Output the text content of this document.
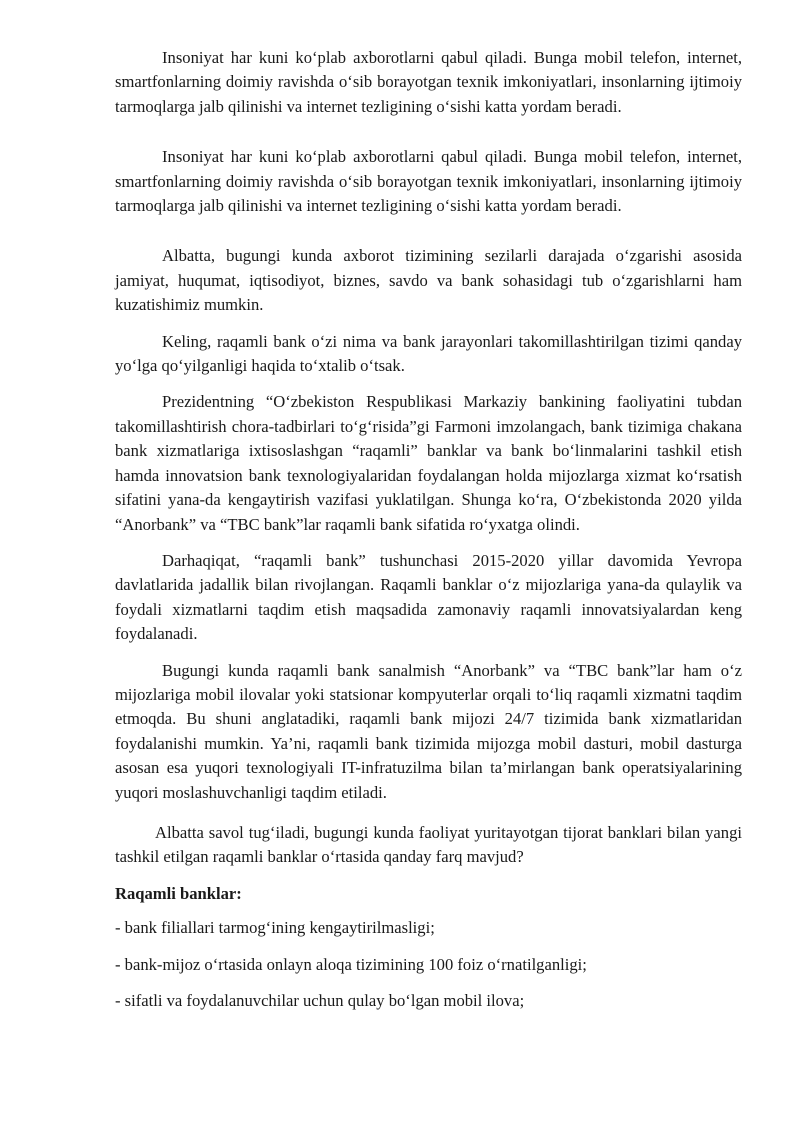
Insoniyat har kuni ko‘plab axborotlarni qabul qiladi. Bunga mobil telefon, internet, smartfonlarning doimiy ravishda o‘sib borayotgan texnik imkoniyatlari, insonlarning ijtimoiy tarmoqlarga jalb qilinishi va internet tezligining o‘sishi katta yordam beradi.

Insoniyat har kuni ko‘plab axborotlarni qabul qiladi. Bunga mobil telefon, internet, smartfonlarning doimiy ravishda o‘sib borayotgan texnik imkoniyatlari, insonlarning ijtimoiy tarmoqlarga jalb qilinishi va internet tezligining o‘sishi katta yordam beradi.

Albatta, bugungi kunda axborot tizimining sezilarli darajada o‘zgarishi asosida jamiyat, huqumat, iqtisodiyot, biznes, savdo va bank sohasidagi tub o‘zgarishlarni ham kuzatishimiz mumkin.

Keling, raqamli bank o‘zi nima va bank jarayonlari takomillashtirilgan tizimi qanday yo‘lga qo‘yilganligi haqida to‘xtalib o‘tsak.

Prezidentning “O‘zbekiston Respublikasi Markaziy bankining faoliyatini tubdan takomillashtirish chora-tadbirlari to‘g‘risida”gi Farmoni imzolangach, bank tizimiga chakana bank xizmatlariga ixtisoslashgan “raqamli” banklar va bank bo‘linmalarini tashkil etish hamda innovatsion bank texnologiyalaridan foydalangan holda mijozlarga xizmat ko‘rsatish sifatini yana-da kengaytirish vazifasi yuklatilgan. Shunga ko‘ra, O‘zbekistonda 2020 yilda “Anorbank” va “TBC bank”lar raqamli bank sifatida ro‘yxatga olindi.

Darhaqiqat, “raqamli bank” tushunchasi 2015-2020 yillar davomida Yevropa davlatlarida jadallik bilan rivojlangan. Raqamli banklar o‘z mijozlariga yana-da qulaylik va foydali xizmatlarni taqdim etish maqsadida zamonaviy raqamli innovatsiyalardan keng foydalanadi.

Bugungi kunda raqamli bank sanalmish “Anorbank” va “TBC bank”lar ham o‘z mijozlariga mobil ilovalar yoki statsionar kompyuterlar orqali to‘liq raqamli xizmatni taqdim etmoqda. Bu shuni anglatadiki, raqamli bank mijozi 24/7 tizimida bank xizmatlaridan foydalanishi mumkin. Ya’ni, raqamli bank tizimida mijozga mobil dasturi, mobil dasturga asosan esa yuqori texnologiyali IT-infratuzilma bilan ta’mirlangan bank operatsiyalarining yuqori moslashuvchanligi taqdim etiladi.

Albatta savol tug‘iladi, bugungi kunda faoliyat yuritayotgan tijorat banklari bilan yangi tashkil etilgan raqamli banklar o‘rtasida qanday farq mavjud?

Raqamli banklar:

- bank filiallari tarmog‘ining kengaytirilmasligi;

- bank-mijoz o‘rtasida onlayn aloqa tizimining 100 foiz o‘rnatilganligi;

- sifatli va foydalanuvchilar uchun qulay bo‘lgan mobil ilova;
